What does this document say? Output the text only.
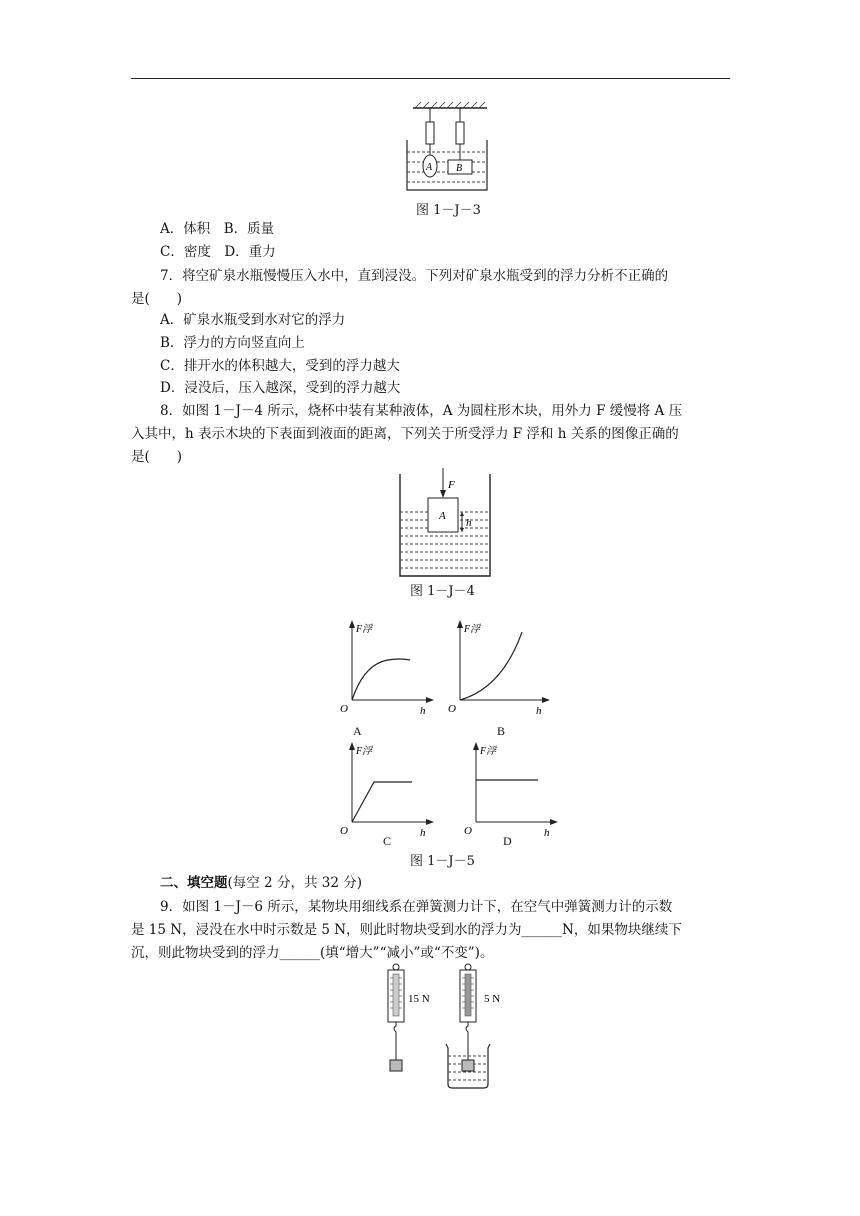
A B
图 1－J－3
A．体积　B．质量
C．密度　D．重力
7．将空矿泉水瓶慢慢压入水中，直到浸没。下列对矿泉水瓶受到的浮力分析不正确的
是(　　)
A．矿泉水瓶受到水对它的浮力
B．浮力的方向竖直向上
C．排开水的体积越大，受到的浮力越大
D．浸没后，压入越深，受到的浮力越大
8．如图 1－J－4 所示，烧杯中装有某种液体，A 为圆柱形木块，用外力 F 缓慢将 A 压
入其中，h 表示木块的下表面到液面的距离，下列关于所受浮力 F 浮和 h 关系的图像正确的
是(　　)
A
F
h
图 1－J－4
F浮
O	h
A
F浮
O	h
B
F浮
O	h
C
F浮
O	h
D
图 1－J－5
二、填空题(每空 2 分，共 32 分)
9．如图 1－J－6 所示，某物块用细线系在弹簧测力计下，在空气中弹簧测力计的示数
是 15 N，浸没在水中时示数是 5 N，则此时物块受到水的浮力为______N，如果物块继续下
沉，则此物块受到的浮力______(填“增大”“减小”或“不变”)。
15 N	5 N
